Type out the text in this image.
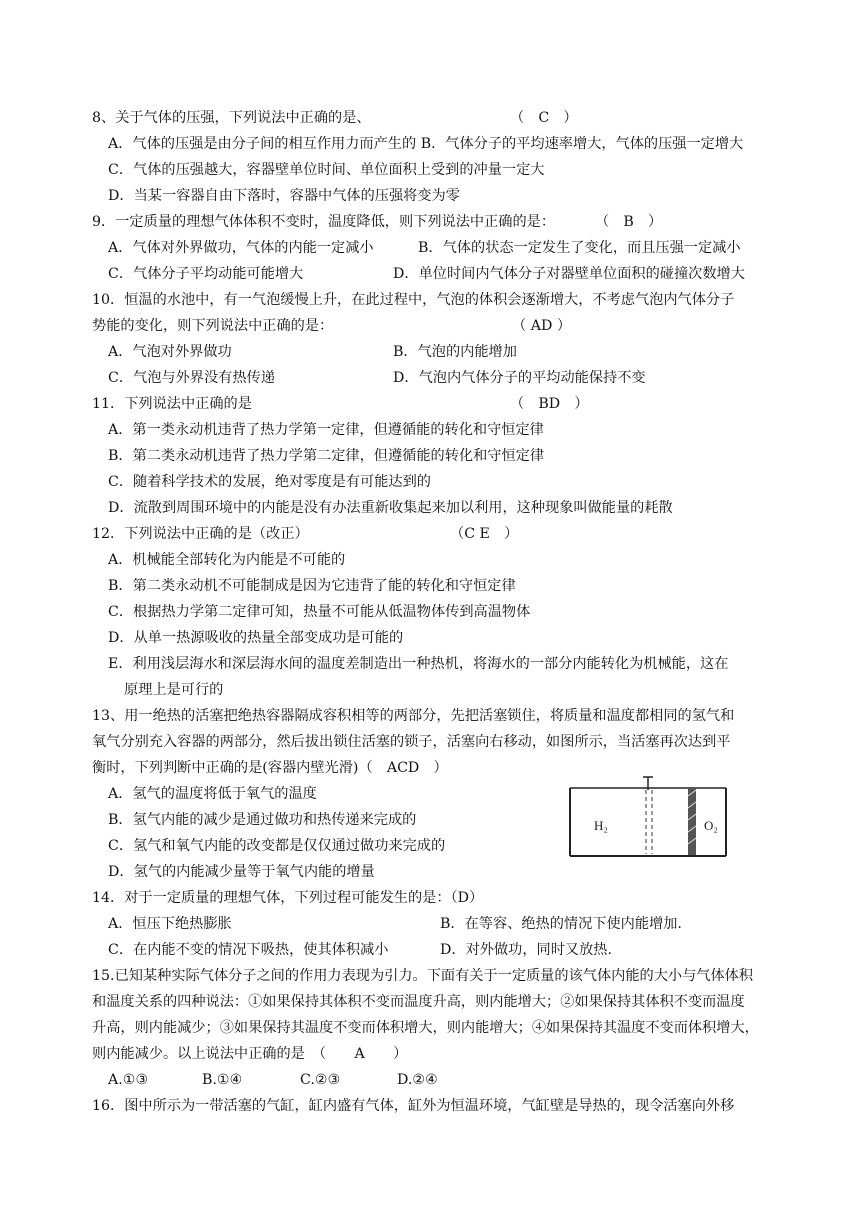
8、关于气体的压强，下列说法中正确的是、	（　C　）
A．气体的压强是由分子间的相互作用力而产生的 B．气体分子的平均速率增大，气体的压强一定增大
C．气体的压强越大，容器壁单位时间、单位面积上受到的冲量一定大
D．当某一容器自由下落时，容器中气体的压强将变为零
9．一定质量的理想气体体积不变时，温度降低，则下列说法中正确的是：	（　B　）
A．气体对外界做功，气体的内能一定减小	B．气体的状态一定发生了变化，而且压强一定减小
C．气体分子平均动能可能增大	D．单位时间内气体分子对器壁单位面积的碰撞次数增大
10．恒温的水池中，有一气泡缓慢上升，在此过程中，气泡的体积会逐渐增大，不考虑气泡内气体分子
势能的变化，则下列说法中正确的是：	（ AD ）
A．气泡对外界做功	B．气泡的内能增加
C．气泡与外界没有热传递	D．气泡内气体分子的平均动能保持不变
11．下列说法中正确的是	（　BD　）
A．第一类永动机违背了热力学第一定律，但遵循能的转化和守恒定律
B．第二类永动机违背了热力学第二定律，但遵循能的转化和守恒定律
C．随着科学技术的发展，绝对零度是有可能达到的
D．流散到周围环境中的内能是没有办法重新收集起来加以利用，这种现象叫做能量的耗散
12．下列说法中正确的是（改正）	（C E　）
A．机械能全部转化为内能是不可能的
B．第二类永动机不可能制成是因为它违背了能的转化和守恒定律
C．根据热力学第二定律可知，热量不可能从低温物体传到高温物体
D．从单一热源吸收的热量全部变成功是可能的
E．利用浅层海水和深层海水间的温度差制造出一种热机，将海水的一部分内能转化为机械能，这在
原理上是可行的
13、用一绝热的活塞把绝热容器隔成容积相等的两部分，先把活塞锁住，将质量和温度都相同的氢气和
氧气分别充入容器的两部分，然后拔出锁住活塞的锁子，活塞向右移动，如图所示，当活塞再次达到平
衡时，下列判断中正确的是(容器内壁光滑)（　ACD　）
A．氢气的温度将低于氧气的温度
B．氢气内能的减少是通过做功和热传递来完成的
C．氢气和氧气内能的改变都是仅仅通过做功来完成的
D．氢气的内能减少量等于氧气内能的增量
H₂	O₂
14．对于一定质量的理想气体，下列过程可能发生的是：（D）
A．恒压下绝热膨胀	B．在等容、绝热的情况下使内能增加.
C．在内能不变的情况下吸热，使其体积减小	D．对外做功，同时又放热.
15.已知某种实际气体分子之间的作用力表现为引力。下面有关于一定质量的该气体内能的大小与气体体积
和温度关系的四种说法：①如果保持其体积不变而温度升高，则内能增大；②如果保持其体积不变而温度
升高，则内能减少；③如果保持其温度不变而体积增大，则内能增大；④如果保持其温度不变而体积增大，
则内能减少。以上说法中正确的是　（　　A　　）
A.①③	B.①④	C.②③	D.②④
16．图中所示为一带活塞的气缸，缸内盛有气体，缸外为恒温环境，气缸壁是导热的，现令活塞向外移
